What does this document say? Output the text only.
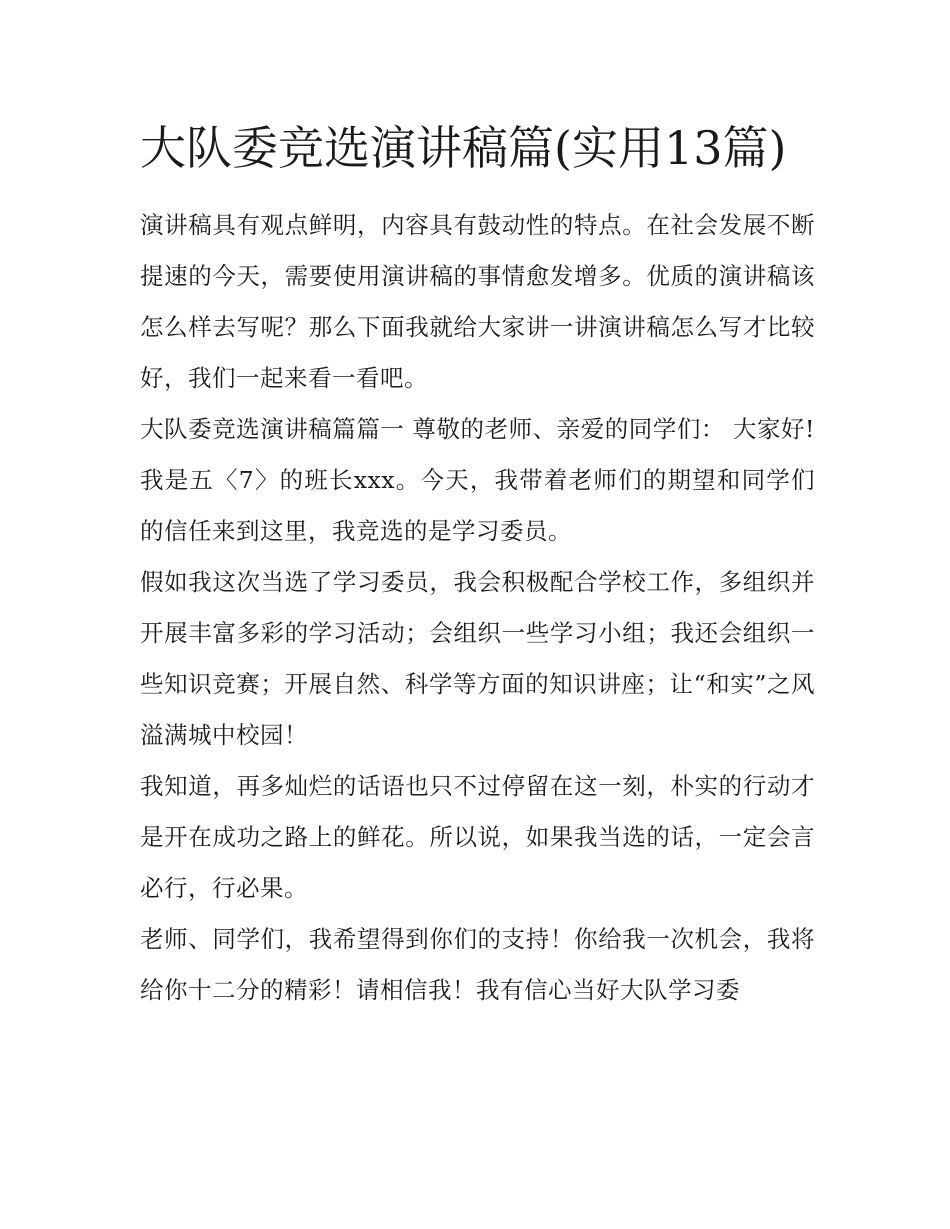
大队委竞选演讲稿篇(实用13篇)

演讲稿具有观点鲜明，内容具有鼓动性的特点。在社会发展不断提速的今天，需要使用演讲稿的事情愈发增多。优质的演讲稿该怎么样去写呢？那么下面我就给大家讲一讲演讲稿怎么写才比较好，我们一起来看一看吧。

大队委竞选演讲稿篇篇一 尊敬的老师、亲爱的同学们： 大家好! 我是五〈7〉的班长xxx。今天，我带着老师们的期望和同学们的信任来到这里，我竞选的是学习委员。

假如我这次当选了学习委员，我会积极配合学校工作，多组织并开展丰富多彩的学习活动；会组织一些学习小组；我还会组织一些知识竞赛；开展自然、科学等方面的知识讲座；让“和实”之风溢满城中校园！

我知道，再多灿烂的话语也只不过停留在这一刻，朴实的行动才是开在成功之路上的鲜花。所以说，如果我当选的话，一定会言必行，行必果。

老师、同学们，我希望得到你们的支持！你给我一次机会，我将给你十二分的精彩！请相信我！我有信心当好大队学习委
